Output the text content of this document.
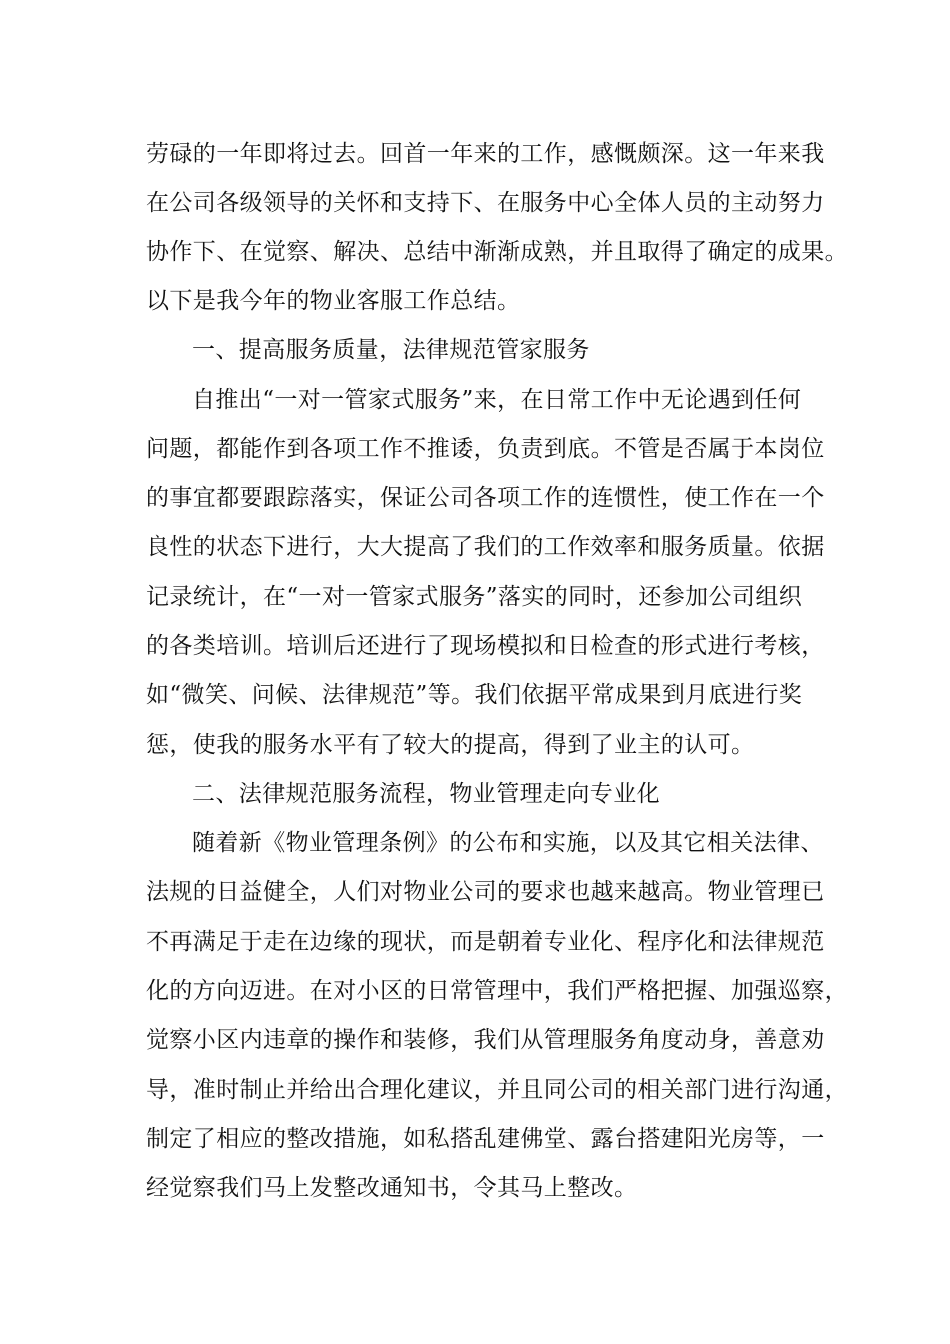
劳碌的一年即将过去。回首一年来的工作，感慨颇深。这一年来我
在公司各级领导的关怀和支持下、在服务中心全体人员的主动努力
协作下、在觉察、解决、总结中渐渐成熟，并且取得了确定的成果。
以下是我今年的物业客服工作总结。
一、提高服务质量，法律规范管家服务
自推出“一对一管家式服务”来，在日常工作中无论遇到任何
问题，都能作到各项工作不推诿，负责到底。不管是否属于本岗位
的事宜都要跟踪落实，保证公司各项工作的连惯性，使工作在一个
良性的状态下进行，大大提高了我们的工作效率和服务质量。依据
记录统计，在“一对一管家式服务”落实的同时，还参加公司组织
的各类培训。培训后还进行了现场模拟和日检查的形式进行考核，
如“微笑、问候、法律规范”等。我们依据平常成果到月底进行奖
惩，使我的服务水平有了较大的提高，得到了业主的认可。
二、法律规范服务流程，物业管理走向专业化
随着新《物业管理条例》的公布和实施，以及其它相关法律、
法规的日益健全，人们对物业公司的要求也越来越高。物业管理已
不再满足于走在边缘的现状，而是朝着专业化、程序化和法律规范
化的方向迈进。在对小区的日常管理中，我们严格把握、加强巡察，
觉察小区内违章的操作和装修，我们从管理服务角度动身，善意劝
导，准时制止并给出合理化建议，并且同公司的相关部门进行沟通，
制定了相应的整改措施，如私搭乱建佛堂、露台搭建阳光房等，一
经觉察我们马上发整改通知书，令其马上整改。
